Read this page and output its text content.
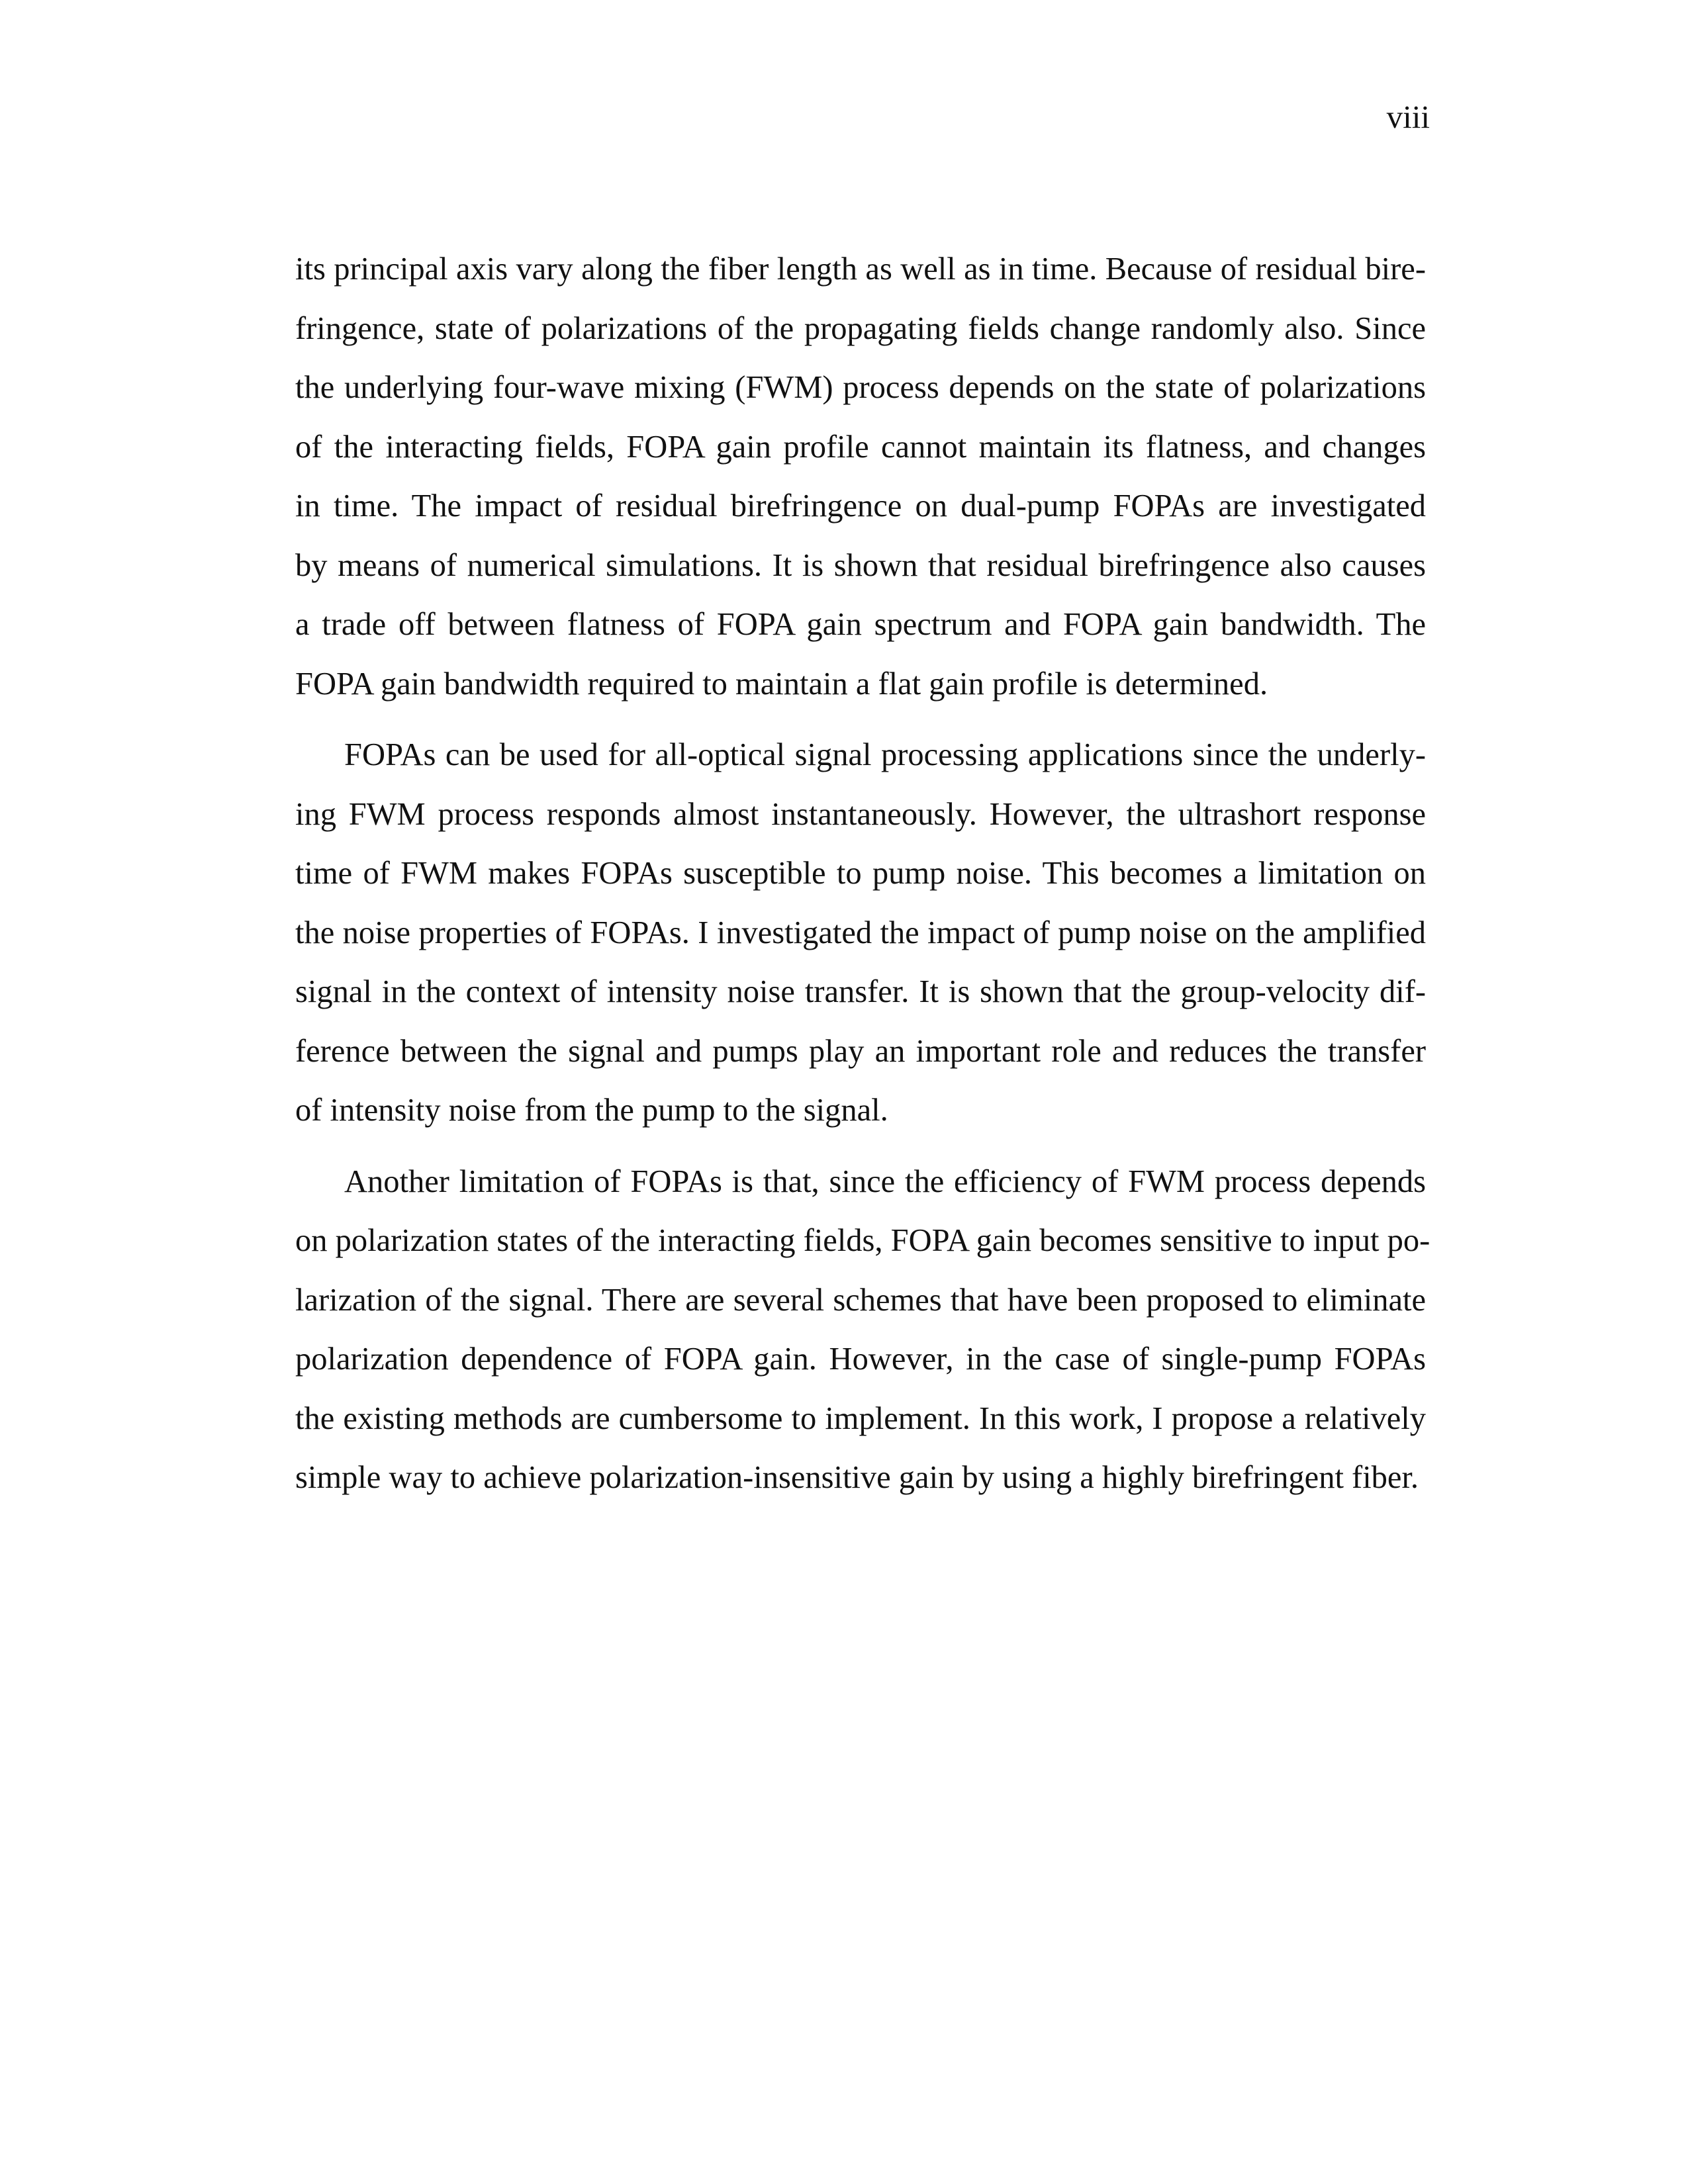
viii
its principal axis vary along the fiber length as well as in time. Because of residual bire-
fringence, state of polarizations of the propagating fields change randomly also. Since
the underlying four-wave mixing (FWM) process depends on the state of polarizations
of the interacting fields, FOPA gain profile cannot maintain its flatness, and changes
in time. The impact of residual birefringence on dual-pump FOPAs are investigated
by means of numerical simulations. It is shown that residual birefringence also causes
a trade off between flatness of FOPA gain spectrum and FOPA gain bandwidth. The
FOPA gain bandwidth required to maintain a flat gain profile is determined.
FOPAs can be used for all-optical signal processing applications since the underly-
ing FWM process responds almost instantaneously. However, the ultrashort response
time of FWM makes FOPAs susceptible to pump noise. This becomes a limitation on
the noise properties of FOPAs. I investigated the impact of pump noise on the amplified
signal in the context of intensity noise transfer. It is shown that the group-velocity dif-
ference between the signal and pumps play an important role and reduces the transfer
of intensity noise from the pump to the signal.
Another limitation of FOPAs is that, since the efficiency of FWM process depends
on polarization states of the interacting fields, FOPA gain becomes sensitive to input po-
larization of the signal. There are several schemes that have been proposed to eliminate
polarization dependence of FOPA gain. However, in the case of single-pump FOPAs
the existing methods are cumbersome to implement. In this work, I propose a relatively
simple way to achieve polarization-insensitive gain by using a highly birefringent fiber.
